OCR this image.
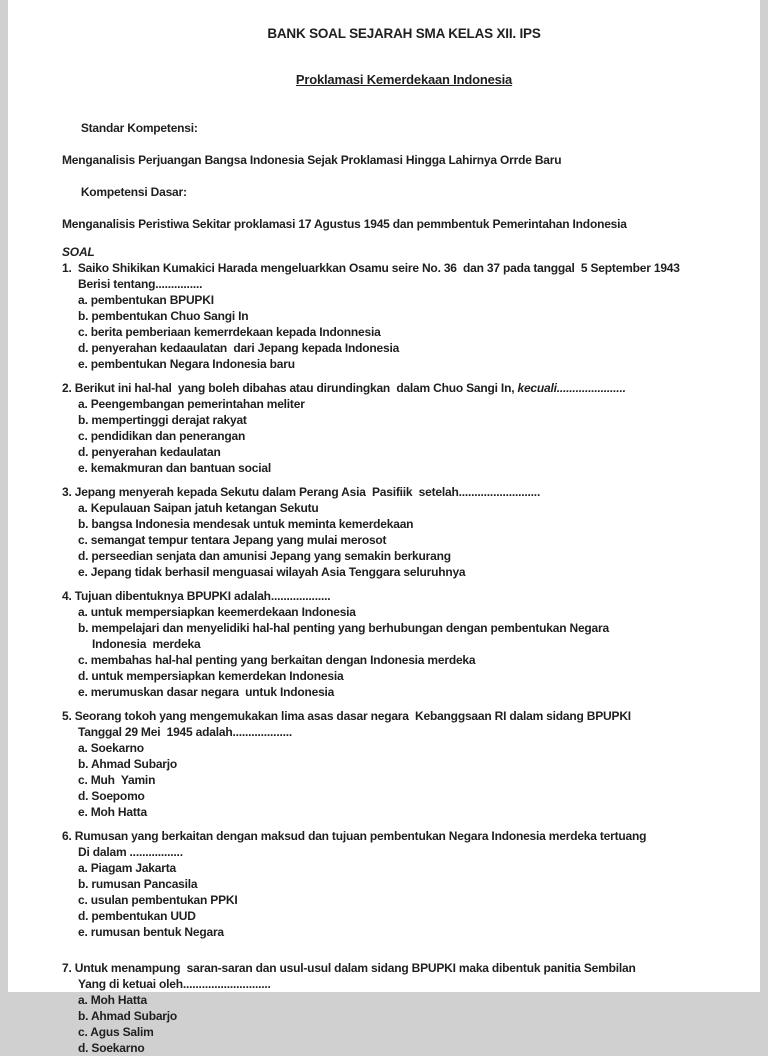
BANK SOAL SEJARAH SMA KELAS XII. IPS
Proklamasi Kemerdekaan Indonesia

Standar Kompetensi:

Menganalisis Perjuangan Bangsa Indonesia Sejak Proklamasi Hingga Lahirnya Orrde Baru

Kompetensi Dasar:

Menganalisis Peristiwa Sekitar proklamasi 17 Agustus 1945 dan pemmbentuk Pemerintahan Indonesia
SOAL
1.  Saiko Shikikan Kumakici Harada mengeluarkkan Osamu seire No. 36  dan 37 pada tanggal  5 September 1943
Berisi tentang...............
a. pembentukan BPUPKI
b. pembentukan Chuo Sangi In
c. berita pemberiaan kemerrdekaan kepada Indonnesia
d. penyerahan kedaaulatan  dari Jepang kepada Indonesia
e. pembentukan Negara Indonesia baru
2. Berikut ini hal-hal  yang boleh dibahas atau dirundingkan  dalam Chuo Sangi In, kecuali......................
a. Peengembangan pemerintahan meliter
b. mempertinggi derajat rakyat
c. pendidikan dan penerangan
d. penyerahan kedaulatan
e. kemakmuran dan bantuan social
3. Jepang menyerah kepada Sekutu dalam Perang Asia  Pasifiik  setelah..........................
a. Kepulauan Saipan jatuh ketangan Sekutu
b. bangsa Indonesia mendesak untuk meminta kemerdekaan
c. semangat tempur tentara Jepang yang mulai merosot
d. perseedian senjata dan amunisi Jepang yang semakin berkurang
e. Jepang tidak berhasil menguasai wilayah Asia Tenggara seluruhnya
4. Tujuan dibentuknya BPUPKI adalah...................
a. untuk mempersiapkan keemerdekaan Indonesia
b. mempelajari dan menyelidiki hal-hal penting yang berhubungan dengan pembentukan Negara
Indonesia  merdeka
c. membahas hal-hal penting yang berkaitan dengan Indonesia merdeka
d. untuk mempersiapkan kemerdekan Indonesia
e. merumuskan dasar negara  untuk Indonesia
5. Seorang tokoh yang mengemukakan lima asas dasar negara  Kebanggsaan RI dalam sidang BPUPKI
Tanggal 29 Mei  1945 adalah...................
a. Soekarno
b. Ahmad Subarjo
c. Muh  Yamin
d. Soepomo
e. Moh Hatta
6. Rumusan yang berkaitan dengan maksud dan tujuan pembentukan Negara Indonesia merdeka tertuang
Di dalam .................
a. Piagam Jakarta
b. rumusan Pancasila
c. usulan pembentukan PPKI
d. pembentukan UUD
e. rumusan bentuk Negara
7. Untuk menampung  saran-saran dan usul-usul dalam sidang BPUPKI maka dibentuk panitia Sembilan
Yang di ketuai oleh............................
a. Moh Hatta
b. Ahmad Subarjo
c. Agus Salim
d. Soekarno
